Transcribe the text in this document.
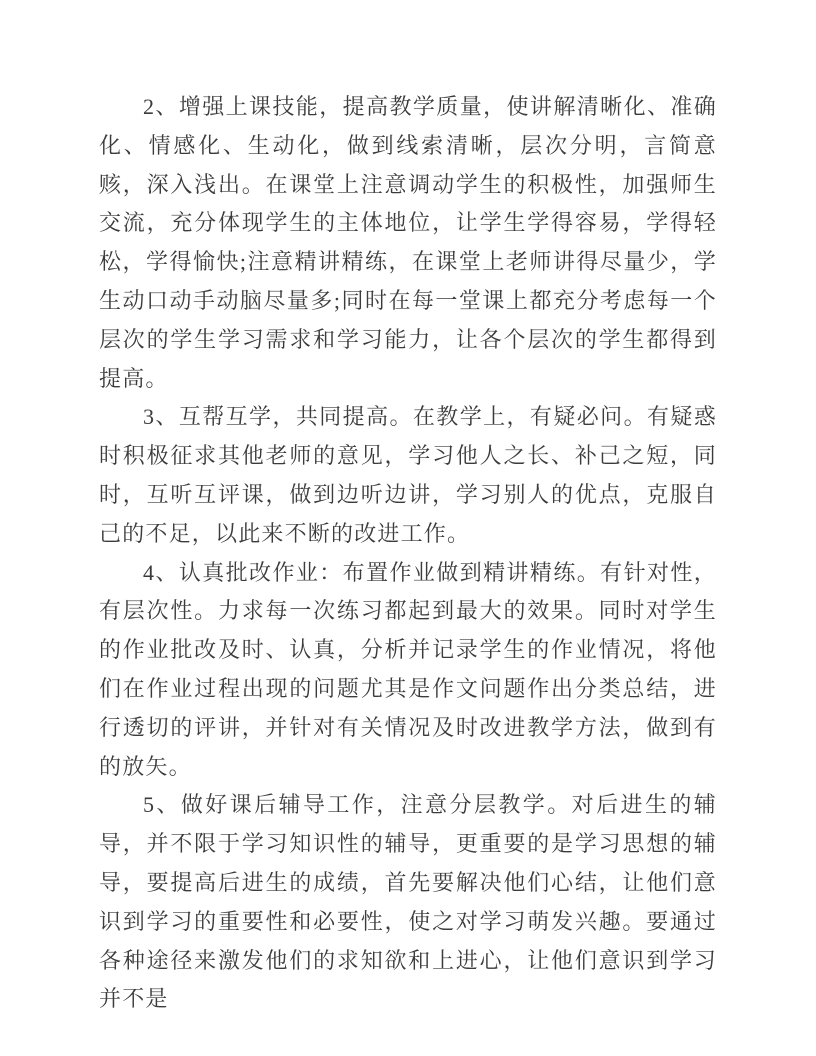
2、增强上课技能，提高教学质量，使讲解清晰化、准确化、情感化、生动化，做到线索清晰，层次分明，言简意赅，深入浅出。在课堂上注意调动学生的积极性，加强师生交流，充分体现学生的主体地位，让学生学得容易，学得轻松，学得愉快;注意精讲精练，在课堂上老师讲得尽量少，学生动口动手动脑尽量多;同时在每一堂课上都充分考虑每一个层次的学生学习需求和学习能力，让各个层次的学生都得到提高。

3、互帮互学，共同提高。在教学上，有疑必问。有疑惑时积极征求其他老师的意见，学习他人之长、补己之短，同时，互听互评课，做到边听边讲，学习别人的优点，克服自己的不足，以此来不断的改进工作。

4、认真批改作业：布置作业做到精讲精练。有针对性，有层次性。力求每一次练习都起到最大的效果。同时对学生的作业批改及时、认真，分析并记录学生的作业情况，将他们在作业过程出现的问题尤其是作文问题作出分类总结，进行透切的评讲，并针对有关情况及时改进教学方法，做到有的放矢。

5、做好课后辅导工作，注意分层教学。对后进生的辅导，并不限于学习知识性的辅导，更重要的是学习思想的辅导，要提高后进生的成绩，首先要解决他们心结，让他们意识到学习的重要性和必要性，使之对学习萌发兴趣。要通过各种途径来激发他们的求知欲和上进心，让他们意识到学习并不是
